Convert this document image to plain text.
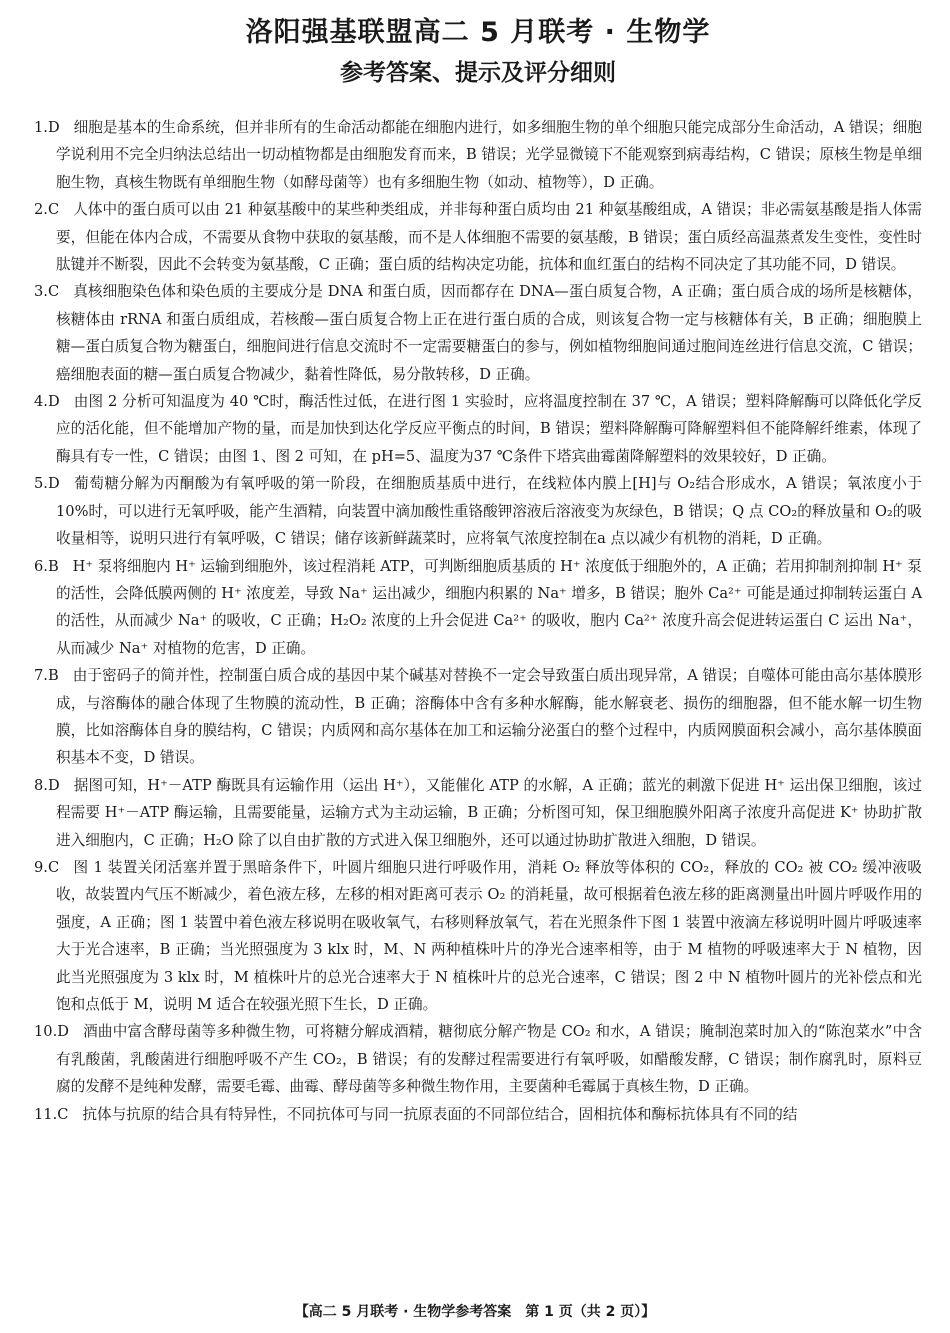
洛阳强基联盟高二 5 月联考 · 生物学
参考答案、提示及评分细则

1.D 细胞是基本的生命系统，但并非所有的生命活动都能在细胞内进行，如多细胞生物的单个细胞只能完成部分生命活动，A 错误；细胞学说利用不完全归纳法总结出一切动植物都是由细胞发育而来，B 错误；光学显微镜下不能观察到病毒结构，C 错误；原核生物是单细胞生物，真核生物既有单细胞生物（如酵母菌等）也有多细胞生物（如动、植物等），D 正确。

2.C 人体中的蛋白质可以由 21 种氨基酸中的某些种类组成，并非每种蛋白质均由 21 种氨基酸组成，A 错误；非必需氨基酸是指人体需要，但能在体内合成，不需要从食物中获取的氨基酸，而不是人体细胞不需要的氨基酸，B 错误；蛋白质经高温蒸煮发生变性，变性时肽键并不断裂，因此不会转变为氨基酸，C 正确；蛋白质的结构决定功能，抗体和血红蛋白的结构不同决定了其功能不同，D 错误。

3.C 真核细胞染色体和染色质的主要成分是 DNA 和蛋白质，因而都存在 DNA—蛋白质复合物，A 正确；蛋白质合成的场所是核糖体，核糖体由 rRNA 和蛋白质组成，若核酸—蛋白质复合物上正在进行蛋白质的合成，则该复合物一定与核糖体有关，B 正确；细胞膜上糖—蛋白质复合物为糖蛋白，细胞间进行信息交流时不一定需要糖蛋白的参与，例如植物细胞间通过胞间连丝进行信息交流，C 错误；癌细胞表面的糖—蛋白质复合物减少，黏着性降低，易分散转移，D 正确。

4.D 由图 2 分析可知温度为 40 ℃时，酶活性过低，在进行图 1 实验时，应将温度控制在 37 ℃，A 错误；塑料降解酶可以降低化学反应的活化能，但不能增加产物的量，而是加快到达化学反应平衡点的时间，B 错误；塑料降解酶可降解塑料但不能降解纤维素，体现了酶具有专一性，C 错误；由图 1、图 2 可知，在 pH=5、温度为37 ℃条件下塔宾曲霉菌降解塑料的效果较好，D 正确。

5.D 葡萄糖分解为丙酮酸为有氧呼吸的第一阶段，在细胞质基质中进行，在线粒体内膜上[H]与 O₂结合形成水，A 错误；氧浓度小于 10%时，可以进行无氧呼吸，能产生酒精，向装置中滴加酸性重铬酸钾溶液后溶液变为灰绿色，B 错误；Q 点 CO₂的释放量和 O₂的吸收量相等，说明只进行有氧呼吸，C 错误；储存该新鲜蔬菜时，应将氧气浓度控制在a 点以减少有机物的消耗，D 正确。

6.B H⁺ 泵将细胞内 H⁺ 运输到细胞外，该过程消耗 ATP，可判断细胞质基质的 H⁺ 浓度低于细胞外的，A 正确；若用抑制剂抑制 H⁺ 泵的活性，会降低膜两侧的 H⁺ 浓度差，导致 Na⁺ 运出减少，细胞内积累的 Na⁺ 增多，B 错误；胞外 Ca²⁺ 可能是通过抑制转运蛋白 A 的活性，从而减少 Na⁺ 的吸收，C 正确；H₂O₂ 浓度的上升会促进 Ca²⁺ 的吸收，胞内 Ca²⁺ 浓度升高会促进转运蛋白 C 运出 Na⁺，从而减少 Na⁺ 对植物的危害，D 正确。

7.B 由于密码子的简并性，控制蛋白质合成的基因中某个碱基对替换不一定会导致蛋白质出现异常，A 错误；自噬体可能由高尔基体膜形成，与溶酶体的融合体现了生物膜的流动性，B 正确；溶酶体中含有多种水解酶，能水解衰老、损伤的细胞器，但不能水解一切生物膜，比如溶酶体自身的膜结构，C 错误；内质网和高尔基体在加工和运输分泌蛋白的整个过程中，内质网膜面积会减小，高尔基体膜面积基本不变，D 错误。

8.D 据图可知，H⁺－ATP 酶既具有运输作用（运出 H⁺），又能催化 ATP 的水解，A 正确；蓝光的刺激下促进 H⁺ 运出保卫细胞，该过程需要 H⁺－ATP 酶运输，且需要能量，运输方式为主动运输，B 正确；分析图可知，保卫细胞膜外阳离子浓度升高促进 K⁺ 协助扩散进入细胞内，C 正确；H₂O 除了以自由扩散的方式进入保卫细胞外，还可以通过协助扩散进入细胞，D 错误。

9.C 图 1 装置关闭活塞并置于黑暗条件下，叶圆片细胞只进行呼吸作用，消耗 O₂ 释放等体积的 CO₂，释放的 CO₂ 被 CO₂ 缓冲液吸收，故装置内气压不断减少，着色液左移，左移的相对距离可表示 O₂ 的消耗量，故可根据着色液左移的距离测量出叶圆片呼吸作用的强度，A 正确；图 1 装置中着色液左移说明在吸收氧气，右移则释放氧气，若在光照条件下图 1 装置中液滴左移说明叶圆片呼吸速率大于光合速率，B 正确；当光照强度为 3 klx 时，M、N 两种植株叶片的净光合速率相等，由于 M 植物的呼吸速率大于 N 植物，因此当光照强度为 3 klx 时，M 植株叶片的总光合速率大于 N 植株叶片的总光合速率，C 错误；图 2 中 N 植物叶圆片的光补偿点和光饱和点低于 M，说明 M 适合在较强光照下生长，D 正确。

10.D 酒曲中富含酵母菌等多种微生物，可将糖分解成酒精，糖彻底分解产物是 CO₂ 和水，A 错误；腌制泡菜时加入的“陈泡菜水”中含有乳酸菌，乳酸菌进行细胞呼吸不产生 CO₂，B 错误；有的发酵过程需要进行有氧呼吸，如醋酸发酵，C 错误；制作腐乳时，原料豆腐的发酵不是纯种发酵，需要毛霉、曲霉、酵母菌等多种微生物作用，主要菌种毛霉属于真核生物，D 正确。

11.C 抗体与抗原的结合具有特异性，不同抗体可与同一抗原表面的不同部位结合，固相抗体和酶标抗体具有不同的结

【高二 5 月联考 · 生物学参考答案　第 1 页（共 2 页）】
